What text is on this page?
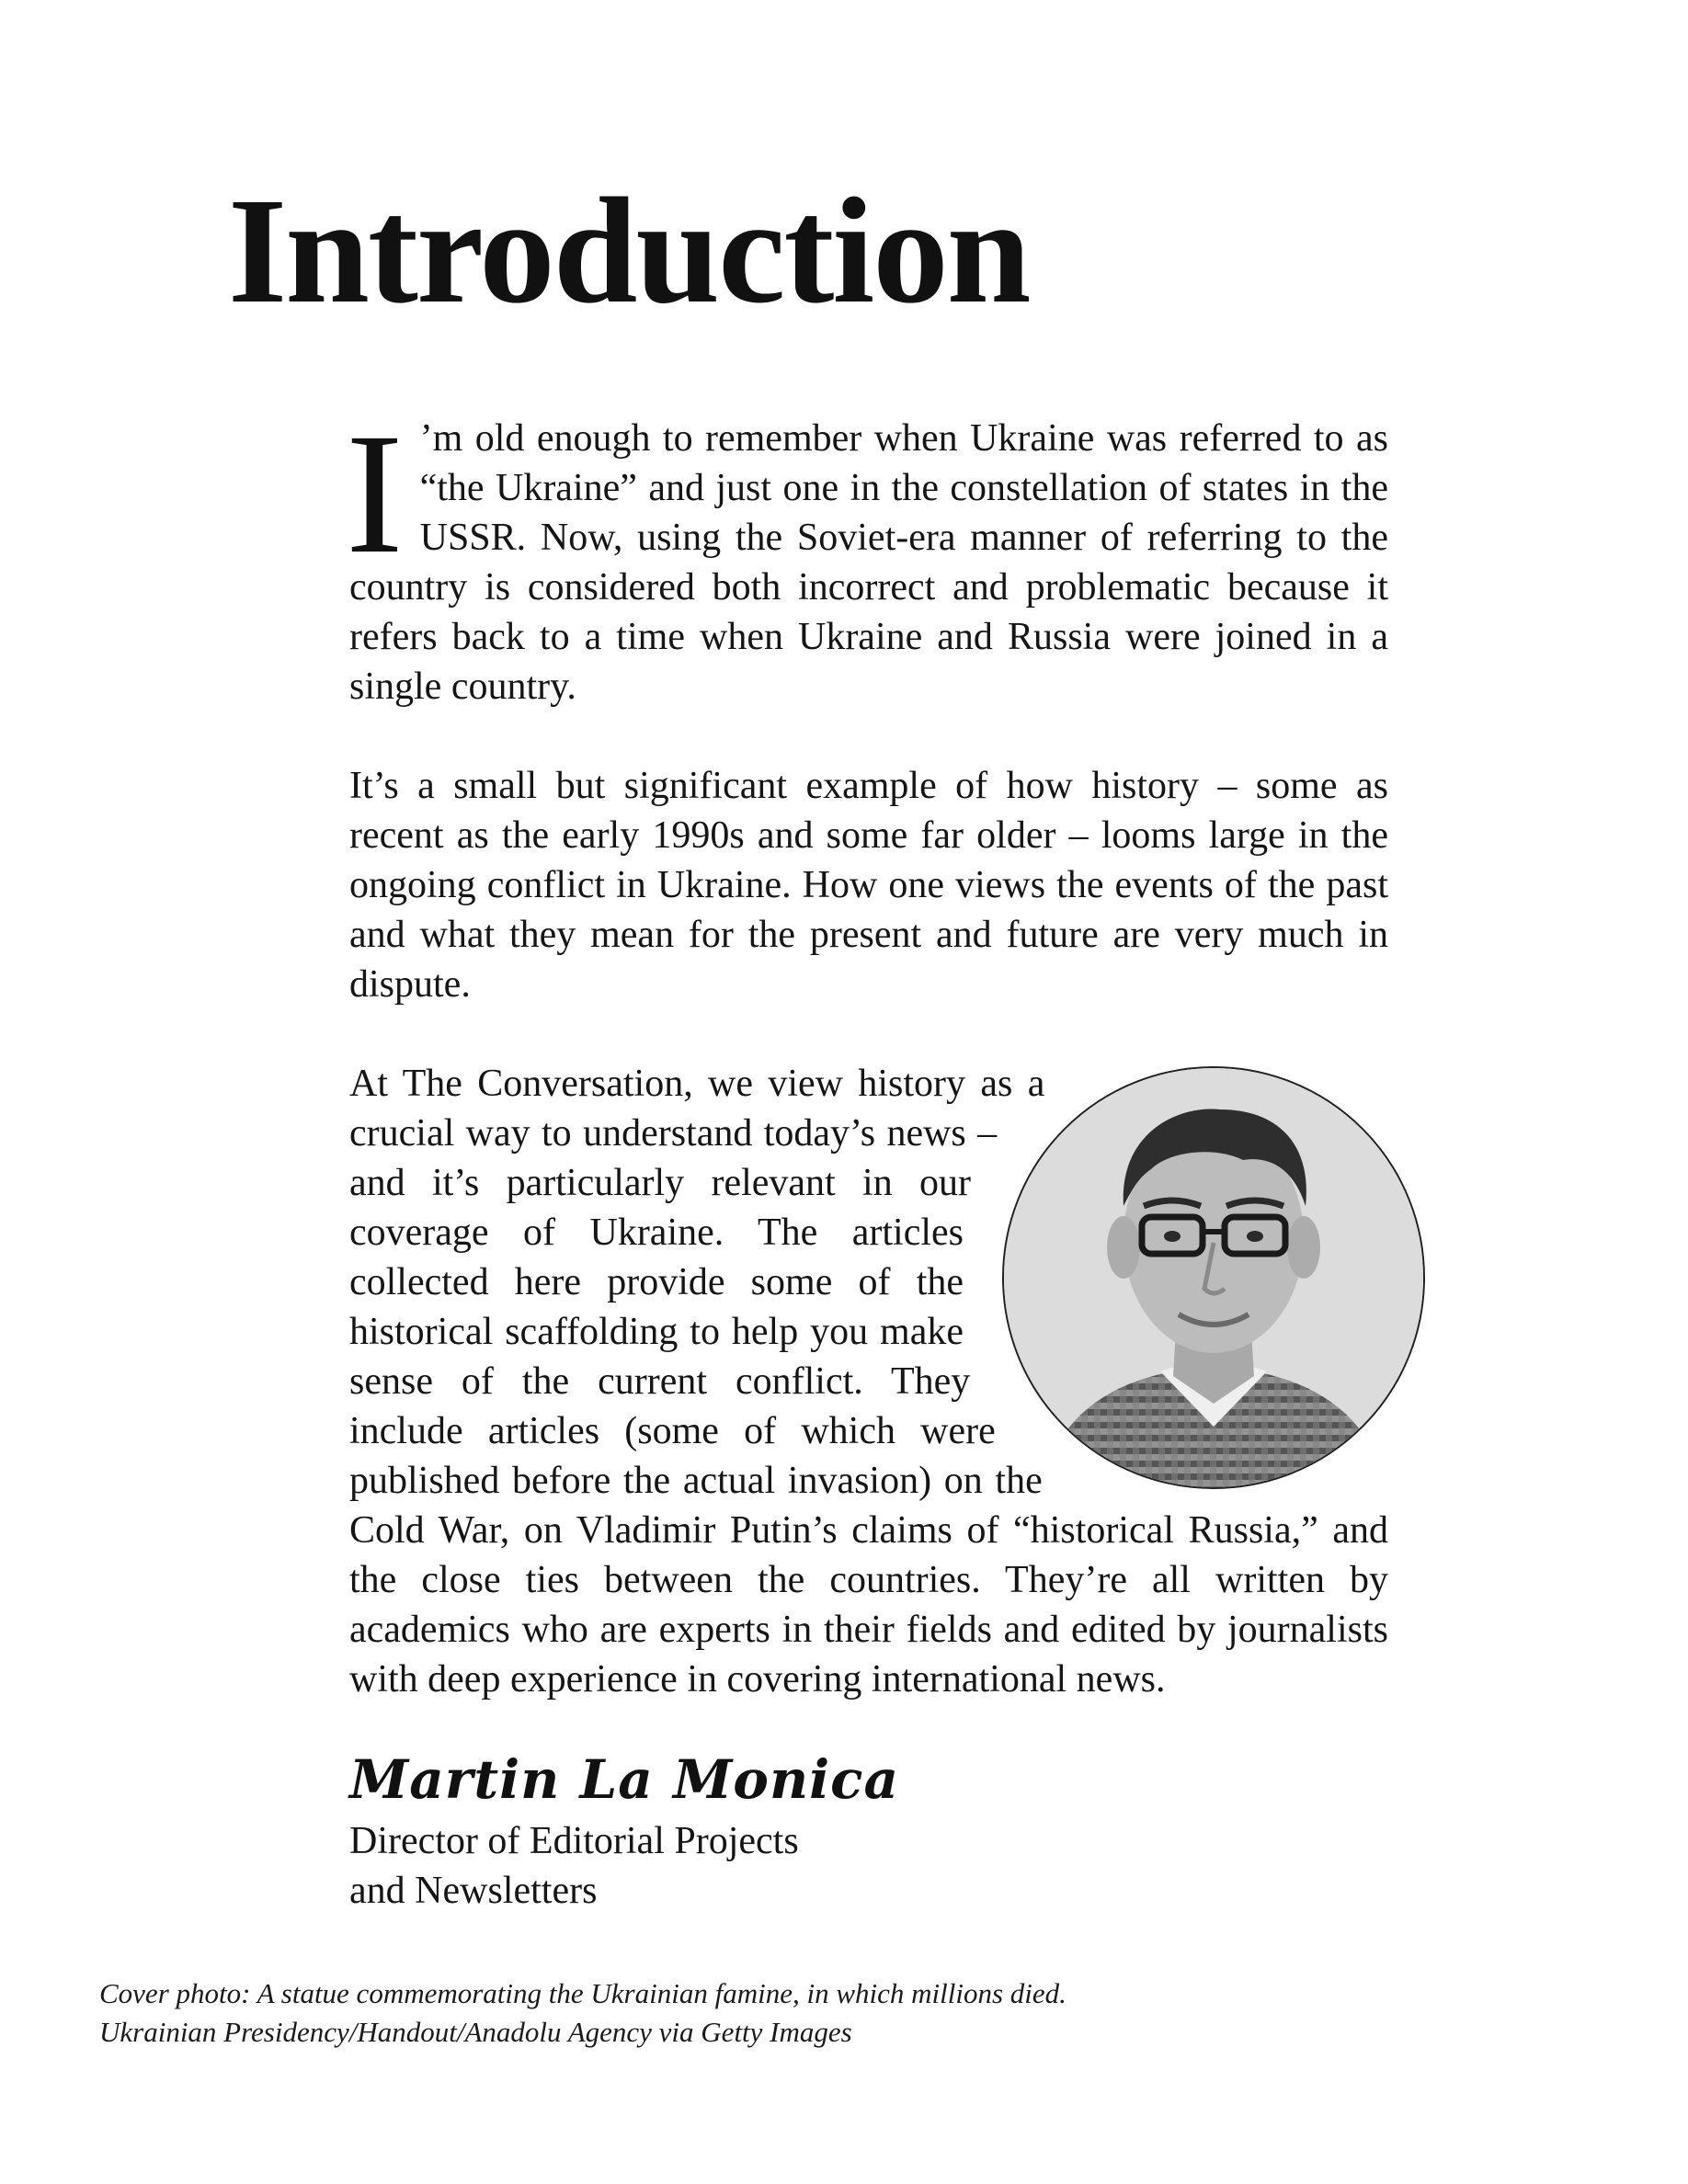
Introduction

I ’m old enough to remember when Ukraine was referred to as “the Ukraine” and just one in the constellation of states in the USSR. Now, using the Soviet-era manner of referring to the country is considered both incorrect and problematic because it refers back to a time when Ukraine and Russia were joined in a single country.

It’s a small but significant example of how history – some as recent as the early 1990s and some far older – looms large in the ongoing conflict in Ukraine. How one views the events of the past and what they mean for the present and future are very much in dispute.

At The Conversation, we view history as a crucial way to understand today’s news – and it’s particularly relevant in our coverage of Ukraine. The articles collected here provide some of the historical scaffolding to help you make sense of the current conflict. They include articles (some of which were published before the actual invasion) on the Cold War, on Vladimir Putin’s claims of “historical Russia,” and the close ties between the countries. They’re all written by academics who are experts in their fields and edited by journalists with deep experience in covering international news.

Martin La Monica
Director of Editorial Projects
and Newsletters
Cover photo: A statue commemorating the Ukrainian famine, in which millions died.
Ukrainian Presidency/Handout/Anadolu Agency via Getty Images
